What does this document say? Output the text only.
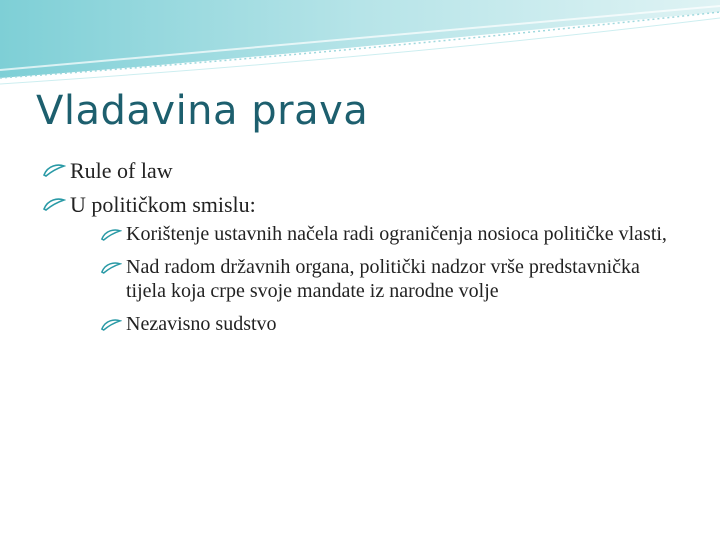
Vladavina prava
Rule of law
U političkom smislu:
Korištenje ustavnih načela radi ograničenja nosioca političke vlasti,
Nad radom državnih organa, politički nadzor vrše predstavnička tijela koja crpe svoje mandate iz narodne volje
Nezavisno sudstvo
